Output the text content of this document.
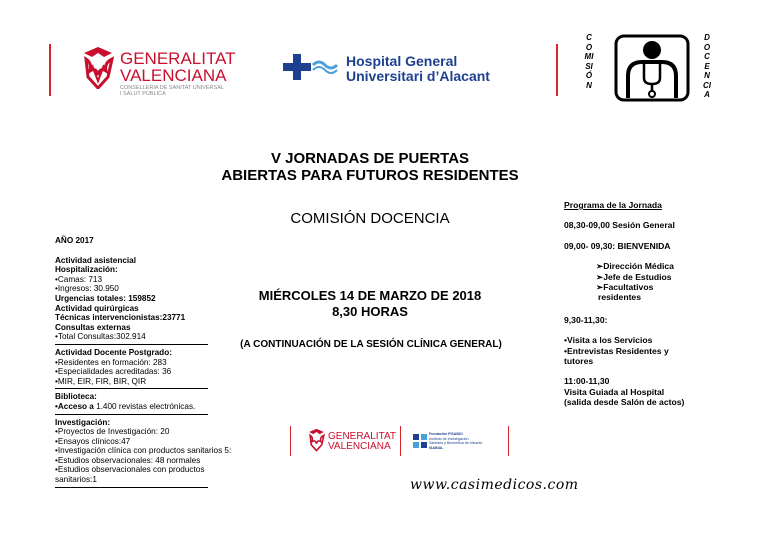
GENERALITAT
VALENCIANA
CONSELLERIA DE SANITAT UNIVERSAL
I SALUT PÚBLICA
Hospital General
Universitari d’Alacant
COMISIÓN
DOCENCIA
V JORNADAS DE PUERTAS
ABIERTAS PARA FUTUROS RESIDENTES
COMISIÓN DOCENCIA
MIÉRCOLES 14 DE MARZO DE 2018
8,30 HORAS
(A CONTINUACIÓN DE LA SESIÓN CLÍNICA GENERAL)
AÑO 2017
Actividad asistencial
Hospitalización:
•Camas: 713
•Ingresos: 30.950
Urgencias totales: 159852
Actividad quirúrgicas
Técnicas intervencionistas:23771
Consultas externas
•Total Consultas:302.914
Actividad Docente Postgrado:
•Residentes en formación: 283
•Especialidades acreditadas: 36
•MIR, EIR, FIR, BIR, QIR
Biblioteca:
•Acceso a 1.400 revistas electrónicas.
Investigación:
•Proyectos de Investigación: 20
•Ensayos clínicos:47
•Investigación clínica con productos sanitarios 5:
•Estudios observacionales: 48 normales
•Estudios observacionales con productos
sanitarios:1
Programa de la Jornada
08,30-09,00 Sesión General
09,00- 09,30: BIENVENIDA
➢Dirección Médica
➢Jefe de Estudios
➢Facultativos
residentes
9,30-11,30:
•Visita a los Servicios
•Entrevistas Residentes y
tutores
11:00-11,30
Visita Guiada al Hospital
(salida desde Salón de actos)
GENERALITAT
VALENCIANA
Fundación FISABIO
Instituto de Investigación
Sanitaria y Biomédica de Alicante
ISABIAL
www.casimedicos.com
